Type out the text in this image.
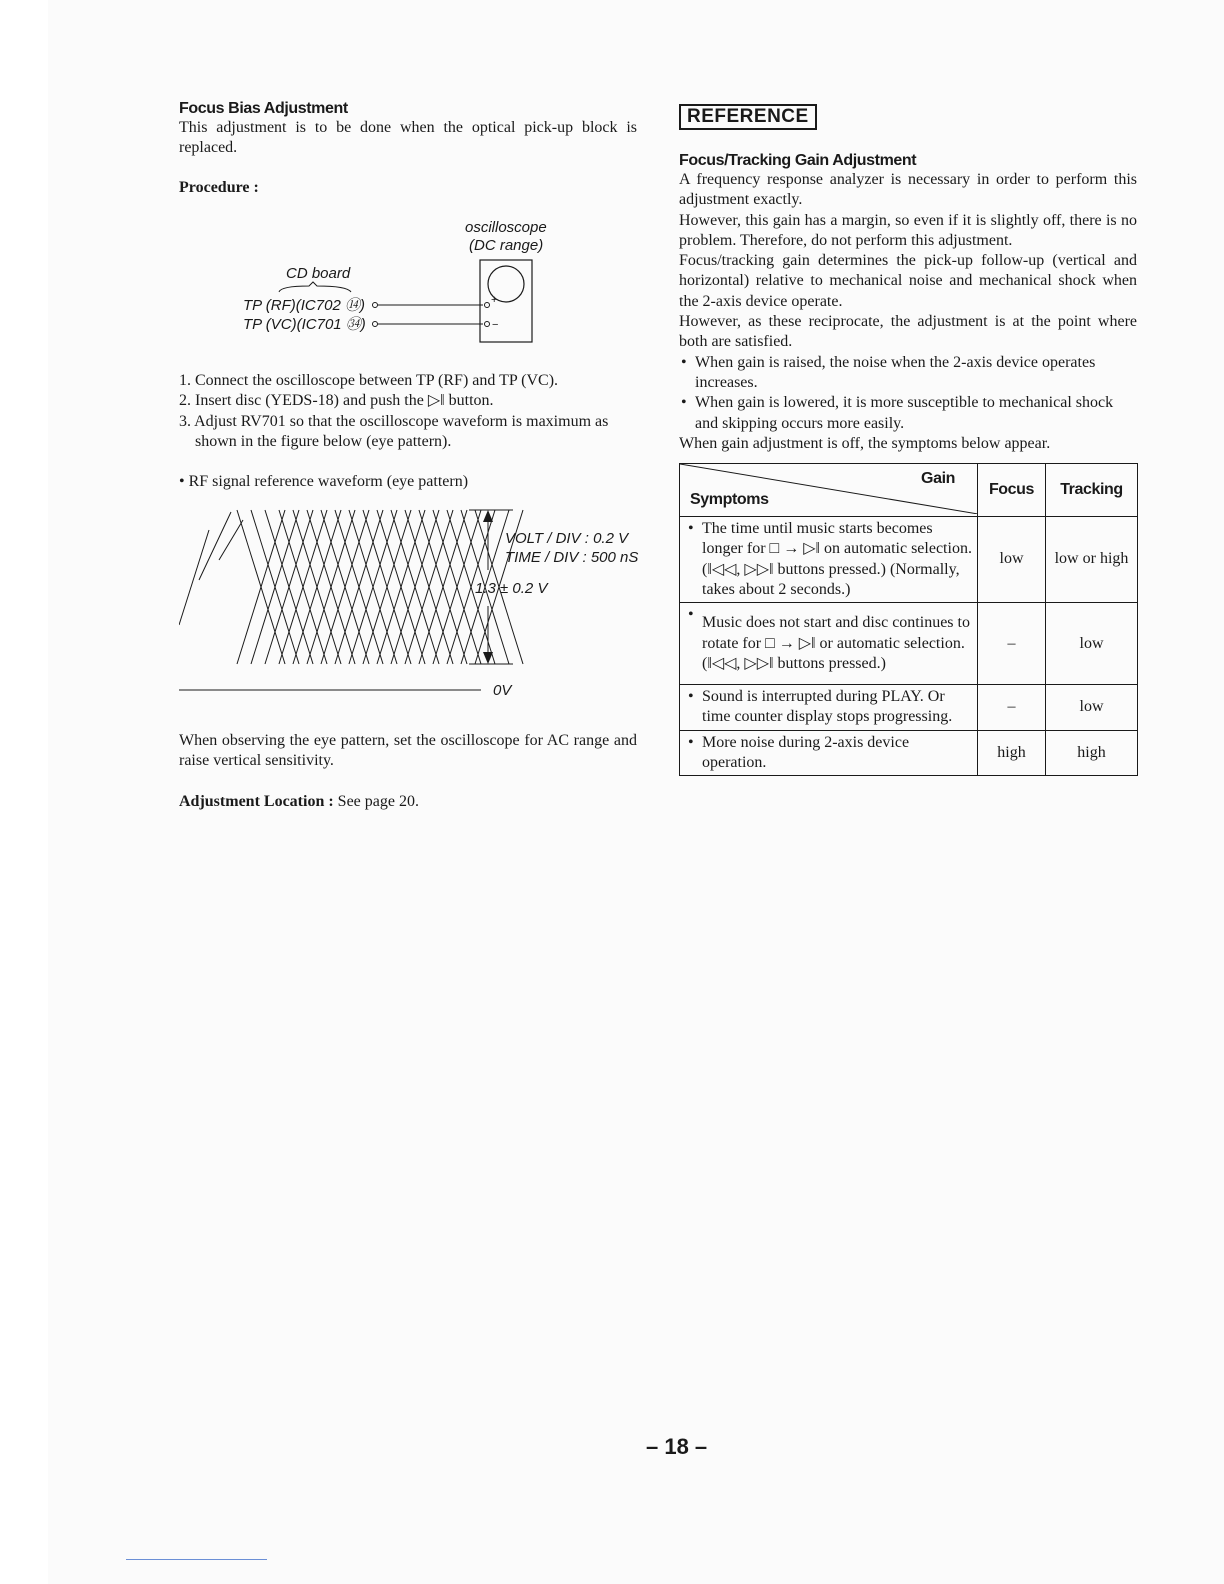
Focus Bias Adjustment

This adjustment is to be done when the optical pick-up block is replaced.

Procedure :
oscilloscope
(DC range)
CD board
TP (RF)(IC702 ⑭)
TP (VC)(IC701 ㉞)
+
−
1. Connect the oscilloscope between TP (RF) and TP (VC).
2. Insert disc (YEDS-18) and push the ▷‖ button.
3. Adjust RV701 so that the oscilloscope waveform is maximum as shown in the figure below (eye pattern).

• RF signal reference waveform (eye pattern)

VOLT / DIV : 0.2 V
TIME / DIV : 500 nS
1.3 ± 0.2 V
0V

When observing the eye pattern, set the oscilloscope for AC range and raise vertical sensitivity.

Adjustment Location : See page 20.

REFERENCE
Focus/Tracking Gain Adjustment

A frequency response analyzer is necessary in order to perform this adjustment exactly.

However, this gain has a margin, so even if it is slightly off, there is no problem. Therefore, do not perform this adjustment.

Focus/tracking gain determines the pick-up follow-up (vertical and horizontal) relative to mechanical noise and mechanical shock when the 2-axis device operate.

However, as these reciprocate, the adjustment is at the point where both are satisfied.

• When gain is raised, the noise when the 2-axis device operates increases.
• When gain is lowered, it is more susceptible to mechanical shock and skipping occurs more easily.

When gain adjustment is off, the symptoms below appear.

Gain
Symptoms	Focus	Tracking
• The time until music starts becomes longer for □ → ▷‖ on automatic selection. (‖◁◁, ▷▷‖ buttons pressed.) (Normally, takes about 2 seconds.)	low	low or high
• Music does not start and disc continues to rotate for □ → ▷‖ or automatic selection. (‖◁◁, ▷▷‖ buttons pressed.)	–	low
• Sound is interrupted during PLAY. Or time counter display stops progressing.	–	low
• More noise during 2-axis device operation.	high	high
– 18 –
